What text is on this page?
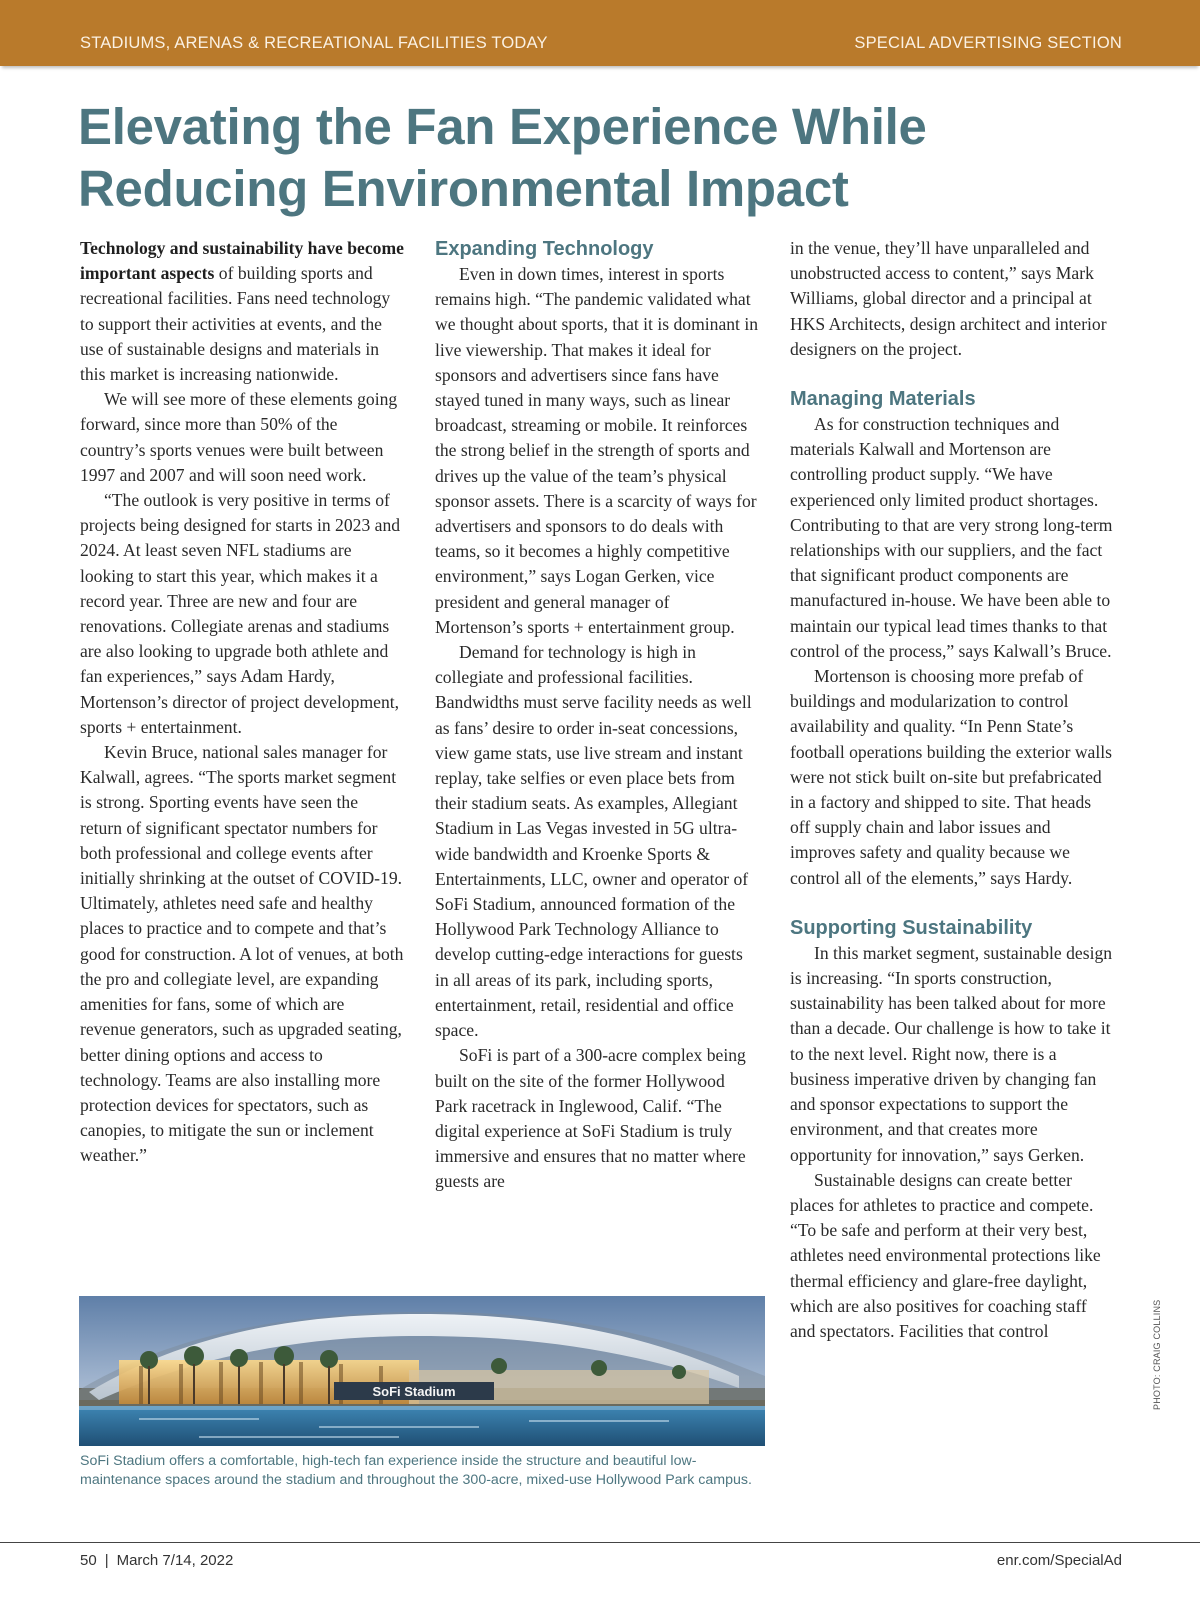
STADIUMS, ARENAS & RECREATIONAL FACILITIES TODAY	SPECIAL ADVERTISING SECTION
Elevating the Fan Experience While Reducing Environmental Impact

Technology and sustainability have become important aspects of building sports and recreational facilities. Fans need technology to support their activities at events, and the use of sustainable designs and materials in this market is increasing nationwide.

We will see more of these elements going forward, since more than 50% of the country’s sports venues were built between 1997 and 2007 and will soon need work.

“The outlook is very positive in terms of projects being designed for starts in 2023 and 2024. At least seven NFL stadiums are looking to start this year, which makes it a record year. Three are new and four are renovations. Collegiate arenas and stadiums are also looking to upgrade both athlete and fan experiences,” says Adam Hardy, Mortenson’s director of project development, sports + entertainment.

Kevin Bruce, national sales manager for Kalwall, agrees. “The sports market segment is strong. Sporting events have seen the return of significant spectator numbers for both professional and college events after initially shrinking at the outset of COVID-19. Ultimately, athletes need safe and healthy places to practice and to compete and that’s good for construction. A lot of venues, at both the pro and collegiate level, are expanding amenities for fans, some of which are revenue generators, such as upgraded seating, better dining options and access to technology. Teams are also installing more protection devices for spectators, such as canopies, to mitigate the sun or inclement weather.”

Expanding Technology

Even in down times, interest in sports remains high. “The pandemic validated what we thought about sports, that it is dominant in live viewership. That makes it ideal for sponsors and advertisers since fans have stayed tuned in many ways, such as linear broadcast, streaming or mobile. It reinforces the strong belief in the strength of sports and drives up the value of the team’s physical sponsor assets. There is a scarcity of ways for advertisers and sponsors to do deals with teams, so it becomes a highly competitive environment,” says Logan Gerken, vice president and general manager of Mortenson’s sports + entertainment group.

Demand for technology is high in collegiate and professional facilities. Bandwidths must serve facility needs as well as fans’ desire to order in-seat concessions, view game stats, use live stream and instant replay, take selfies or even place bets from their stadium seats. As examples, Allegiant Stadium in Las Vegas invested in 5G ultra-wide bandwidth and Kroenke Sports & Entertainments, LLC, owner and operator of SoFi Stadium, announced formation of the Hollywood Park Technology Alliance to develop cutting-edge interactions for guests in all areas of its park, including sports, entertainment, retail, residential and office space.

SoFi is part of a 300-acre complex being built on the site of the former Hollywood Park racetrack in Inglewood, Calif. “The digital experience at SoFi Stadium is truly immersive and ensures that no matter where guests are

in the venue, they’ll have unparalleled and unobstructed access to content,” says Mark Williams, global director and a principal at HKS Architects, design architect and interior designers on the project.

Managing Materials

As for construction techniques and materials Kalwall and Mortenson are controlling product supply. “We have experienced only limited product shortages. Contributing to that are very strong long-term relationships with our suppliers, and the fact that significant product components are manufactured in-house. We have been able to maintain our typical lead times thanks to that control of the process,” says Kalwall’s Bruce.

Mortenson is choosing more prefab of buildings and modularization to control availability and quality. “In Penn State’s football operations building the exterior walls were not stick built on-site but prefabricated in a factory and shipped to site. That heads off supply chain and labor issues and improves safety and quality because we control all of the elements,” says Hardy.

Supporting Sustainability

In this market segment, sustainable design is increasing. “In sports construction, sustainability has been talked about for more than a decade. Our challenge is how to take it to the next level. Right now, there is a business imperative driven by changing fan and sponsor expectations to support the environment, and that creates more opportunity for innovation,” says Gerken.

Sustainable designs can create better places for athletes to practice and compete. “To be safe and perform at their very best, athletes need environmental protections like thermal efficiency and glare-free daylight, which are also positives for coaching staff and spectators. Facilities that control

SoFi Stadium

SoFi Stadium offers a comfortable, high-tech fan experience inside the structure and beautiful low-maintenance spaces around the stadium and throughout the 300-acre, mixed-use Hollywood Park campus.

PHOTO: CRAIG COLLINS
50 | March 7/14, 2022	enr.com/SpecialAd
